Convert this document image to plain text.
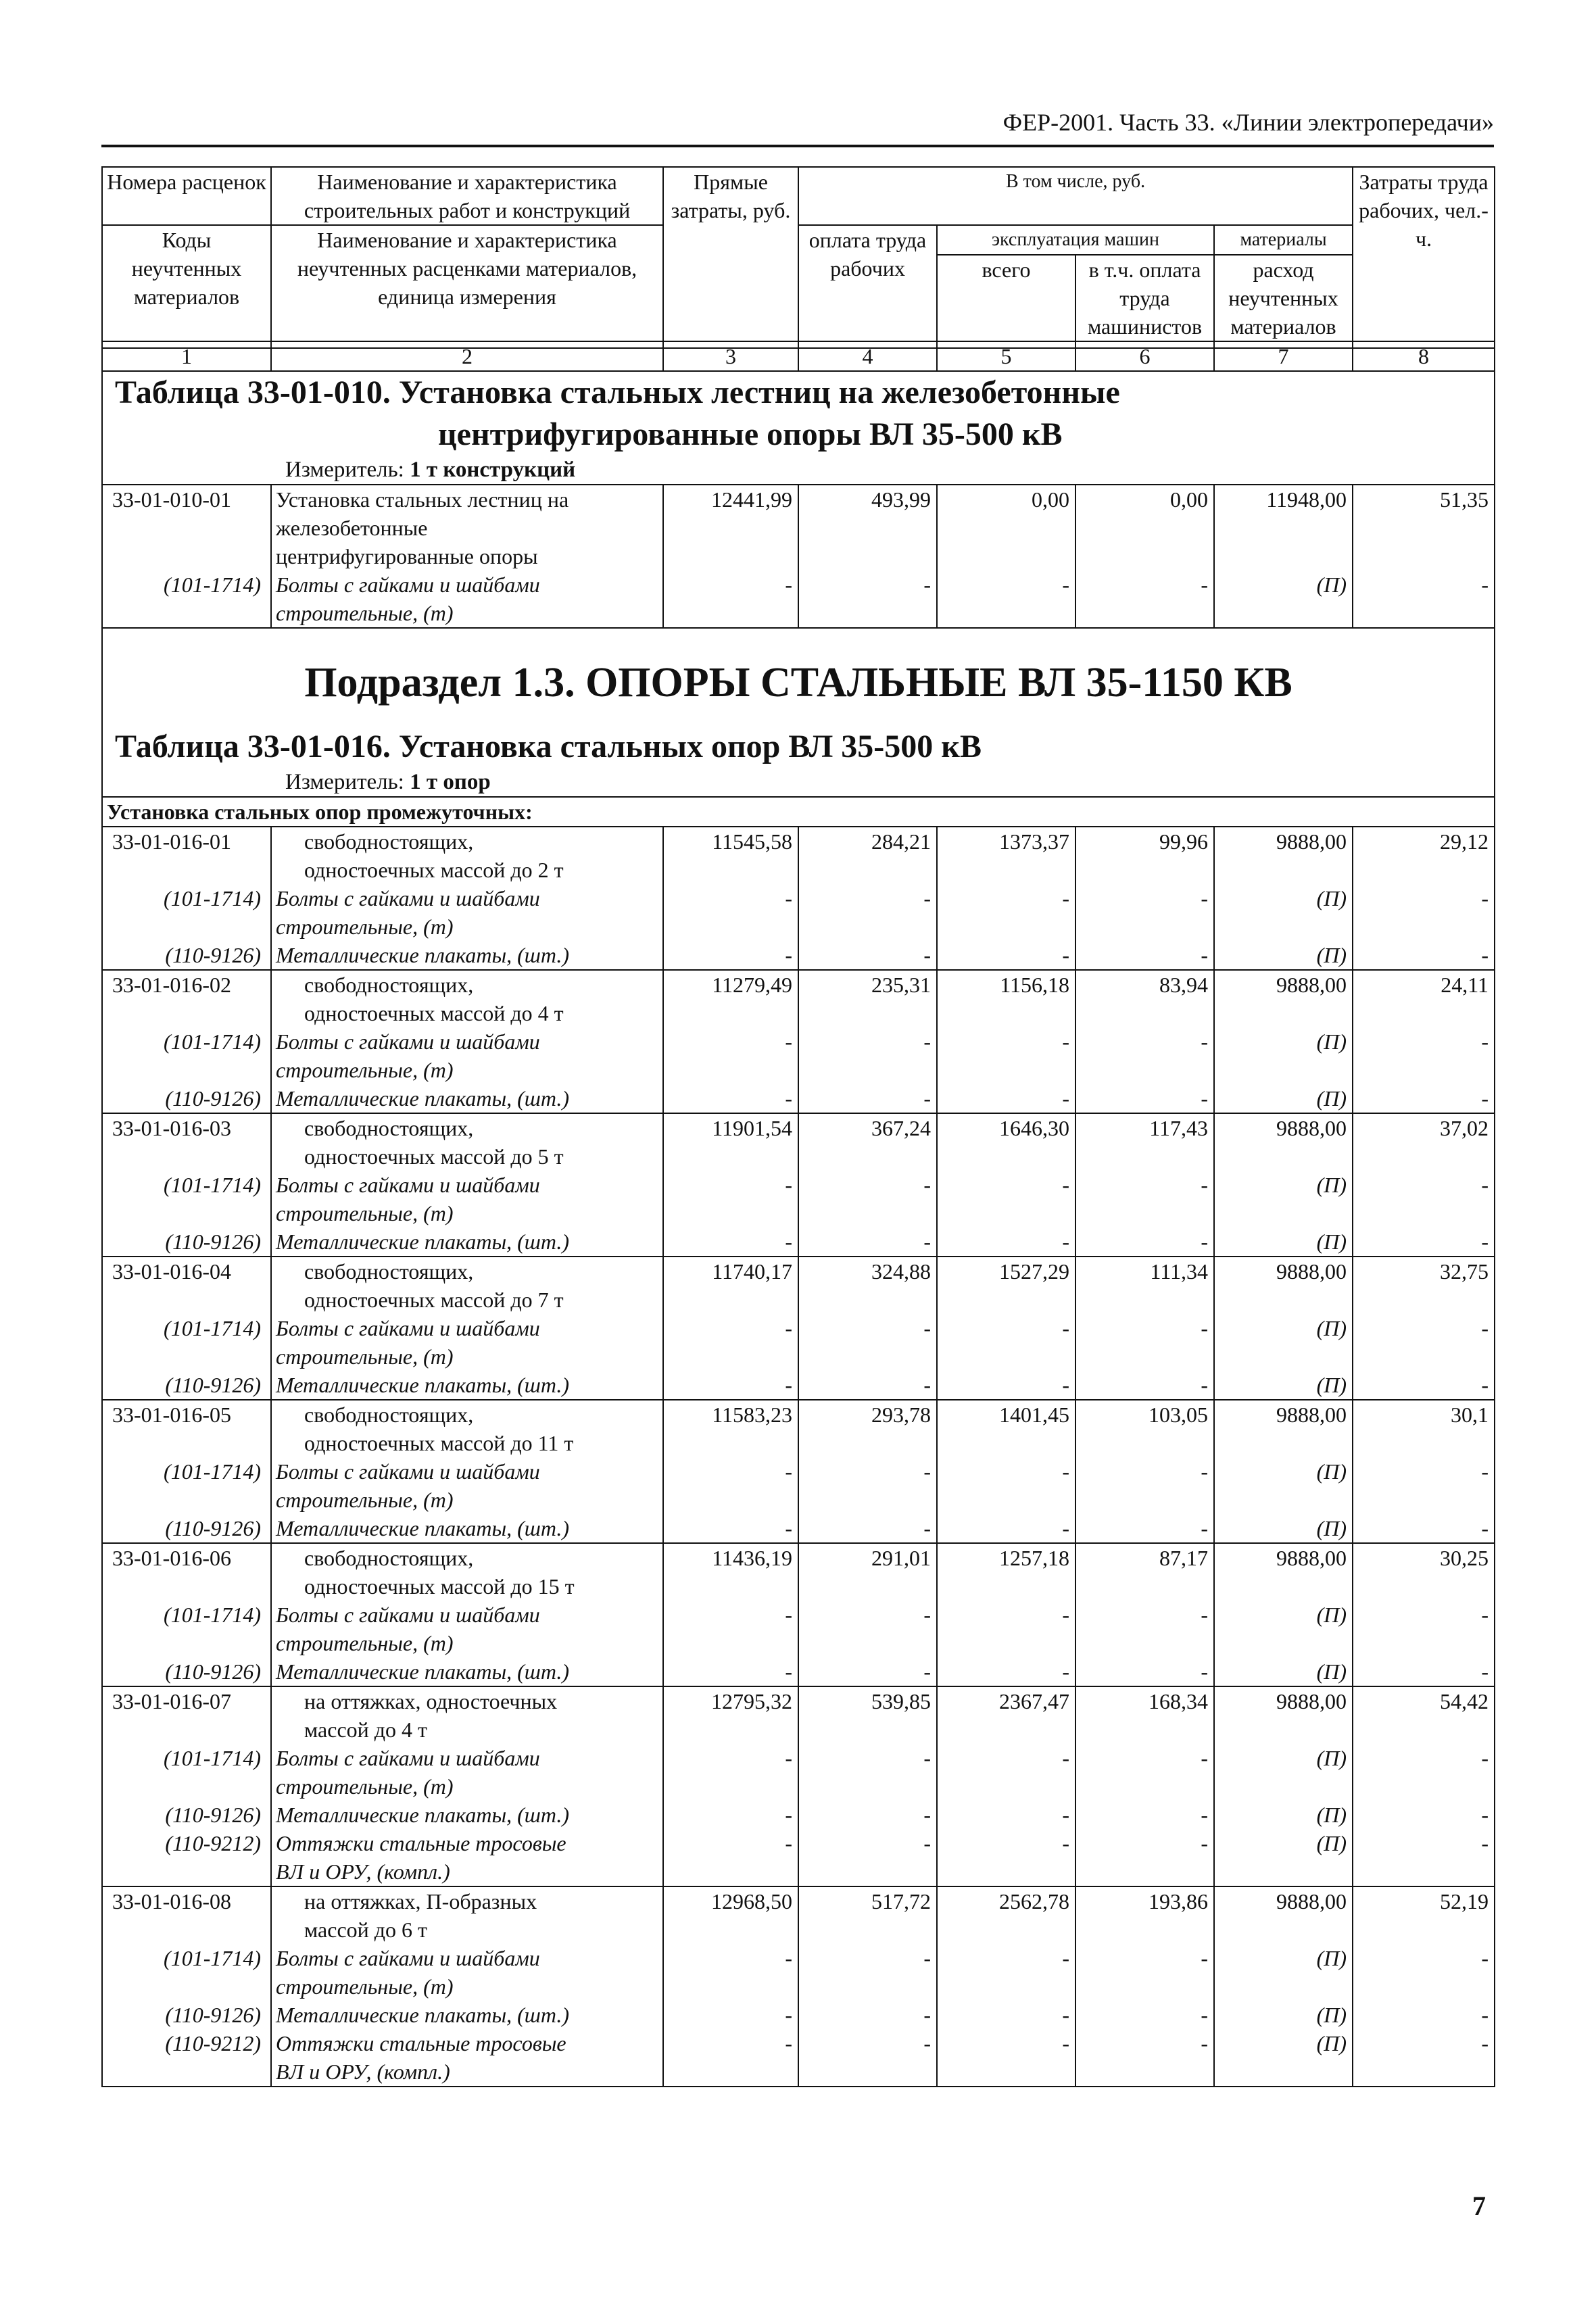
ФЕР-2001. Часть 33. «Линии электропередачи»
Номера расценок	Наименование и характеристика строительных работ и конструкций	Прямые затраты, руб.	В том числе, руб.				Затраты труда рабочих, чел.-ч.
Коды неучтенных материалов	Наименование и характеристика неучтенных расценками материалов, единица измерения		оплата труда рабочих	эксплуатация машин		материалы	
				всего	в т.ч. оплата труда машинистов	расход неучтенных материалов	
1	2	3	4	5	6	7	8
Таблица 33-01-010. Установка стальных лестниц на железобетонные
центрифугированные опоры ВЛ 35-500 кВ
Измеритель: 1 т конструкций							

33-01-010-01	Установка стальных лестниц на
железобетонные
центрифугированные опоры	12441,99	493,99	0,00	0,00	11948,00	51,35
(101-1714)	Болты с гайками и шайбами
строительные, (т)	-	-	-	-	(П)	-

Подраздел 1.3. ОПОРЫ СТАЛЬНЫЕ ВЛ 35-1150 КВ
Таблица 33-01-016. Установка стальных опор ВЛ 35-500 кВ
Измеритель: 1 т опор							

Установка стальных опор промежуточных:							
33-01-016-01	свободностоящих,
одностоечных массой до 2 т	11545,58	284,21	1373,37	99,96	9888,00	29,12
(101-1714)	Болты с гайками и шайбами
строительные, (т)	-	-	-	-	(П)	-
(110-9126)	Металлические плакаты, (шт.)	-	-	-	-	(П)	-
33-01-016-02	свободностоящих,
одностоечных массой до 4 т	11279,49	235,31	1156,18	83,94	9888,00	24,11
(101-1714)	Болты с гайками и шайбами
строительные, (т)	-	-	-	-	(П)	-
(110-9126)	Металлические плакаты, (шт.)	-	-	-	-	(П)	-
33-01-016-03	свободностоящих,
одностоечных массой до 5 т	11901,54	367,24	1646,30	117,43	9888,00	37,02
(101-1714)	Болты с гайками и шайбами
строительные, (т)	-	-	-	-	(П)	-
(110-9126)	Металлические плакаты, (шт.)	-	-	-	-	(П)	-
33-01-016-04	свободностоящих,
одностоечных массой до 7 т	11740,17	324,88	1527,29	111,34	9888,00	32,75
(101-1714)	Болты с гайками и шайбами
строительные, (т)	-	-	-	-	(П)	-
(110-9126)	Металлические плакаты, (шт.)	-	-	-	-	(П)	-
33-01-016-05	свободностоящих,
одностоечных массой до 11 т	11583,23	293,78	1401,45	103,05	9888,00	30,1
(101-1714)	Болты с гайками и шайбами
строительные, (т)	-	-	-	-	(П)	-
(110-9126)	Металлические плакаты, (шт.)	-	-	-	-	(П)	-
33-01-016-06	свободностоящих,
одностоечных массой до 15 т	11436,19	291,01	1257,18	87,17	9888,00	30,25
(101-1714)	Болты с гайками и шайбами
строительные, (т)	-	-	-	-	(П)	-
(110-9126)	Металлические плакаты, (шт.)	-	-	-	-	(П)	-
33-01-016-07	на оттяжках, одностоечных
массой до 4 т	12795,32	539,85	2367,47	168,34	9888,00	54,42
(101-1714)	Болты с гайками и шайбами
строительные, (т)	-	-	-	-	(П)	-
(110-9126)	Металлические плакаты, (шт.)	-	-	-	-	(П)	-
(110-9212)	Оттяжки стальные тросовые
ВЛ и ОРУ, (компл.)	-	-	-	-	(П)	-
33-01-016-08	на оттяжках, П-образных
массой до 6 т	12968,50	517,72	2562,78	193,86	9888,00	52,19
(101-1714)	Болты с гайками и шайбами
строительные, (т)	-	-	-	-	(П)	-
(110-9126)	Металлические плакаты, (шт.)	-	-	-	-	(П)	-
(110-9212)	Оттяжки стальные тросовые
ВЛ и ОРУ, (компл.)	-	-	-	-	(П)	-
7
